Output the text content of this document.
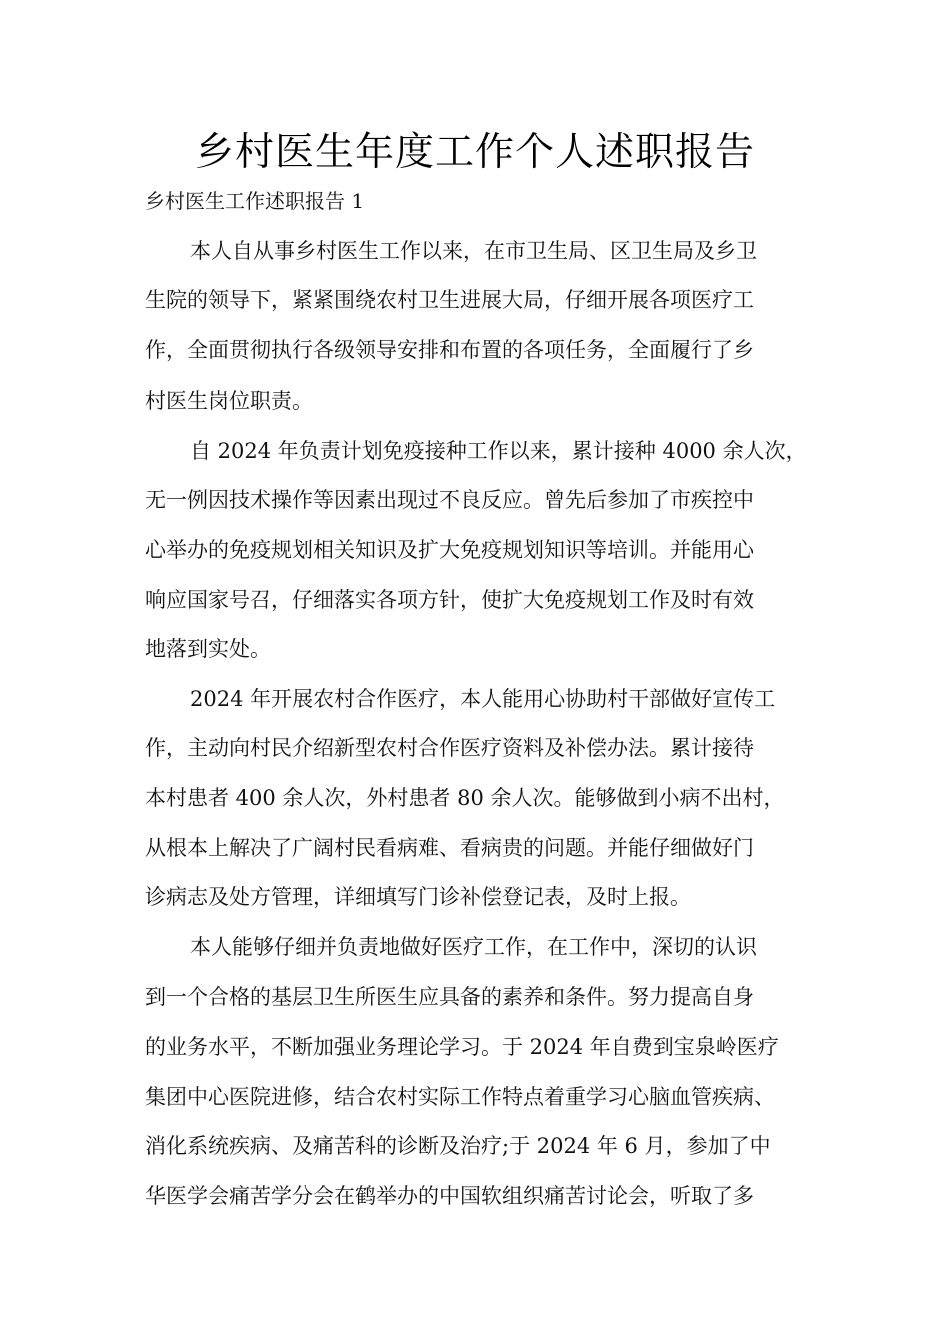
乡村医生年度工作个人述职报告
乡村医生工作述职报告 1
本人自从事乡村医生工作以来，在市卫生局、区卫生局及乡卫
生院的领导下，紧紧围绕农村卫生进展大局，仔细开展各项医疗工
作，全面贯彻执行各级领导安排和布置的各项任务，全面履行了乡
村医生岗位职责。
自 2024 年负责计划免疫接种工作以来，累计接种 4000 余人次，
无一例因技术操作等因素出现过不良反应。曾先后参加了市疾控中
心举办的免疫规划相关知识及扩大免疫规划知识等培训。并能用心
响应国家号召，仔细落实各项方针，使扩大免疫规划工作及时有效
地落到实处。
2024 年开展农村合作医疗，本人能用心协助村干部做好宣传工
作，主动向村民介绍新型农村合作医疗资料及补偿办法。累计接待
本村患者 400 余人次，外村患者 80 余人次。能够做到小病不出村，
从根本上解决了广阔村民看病难、看病贵的问题。并能仔细做好门
诊病志及处方管理，详细填写门诊补偿登记表，及时上报。
本人能够仔细并负责地做好医疗工作，在工作中，深切的认识
到一个合格的基层卫生所医生应具备的素养和条件。努力提高自身
的业务水平，不断加强业务理论学习。于 2024 年自费到宝泉岭医疗
集团中心医院进修，结合农村实际工作特点着重学习心脑血管疾病、
消化系统疾病、及痛苦科的诊断及治疗;于 2024 年 6 月，参加了中
华医学会痛苦学分会在鹤举办的中国软组织痛苦讨论会，听取了多
